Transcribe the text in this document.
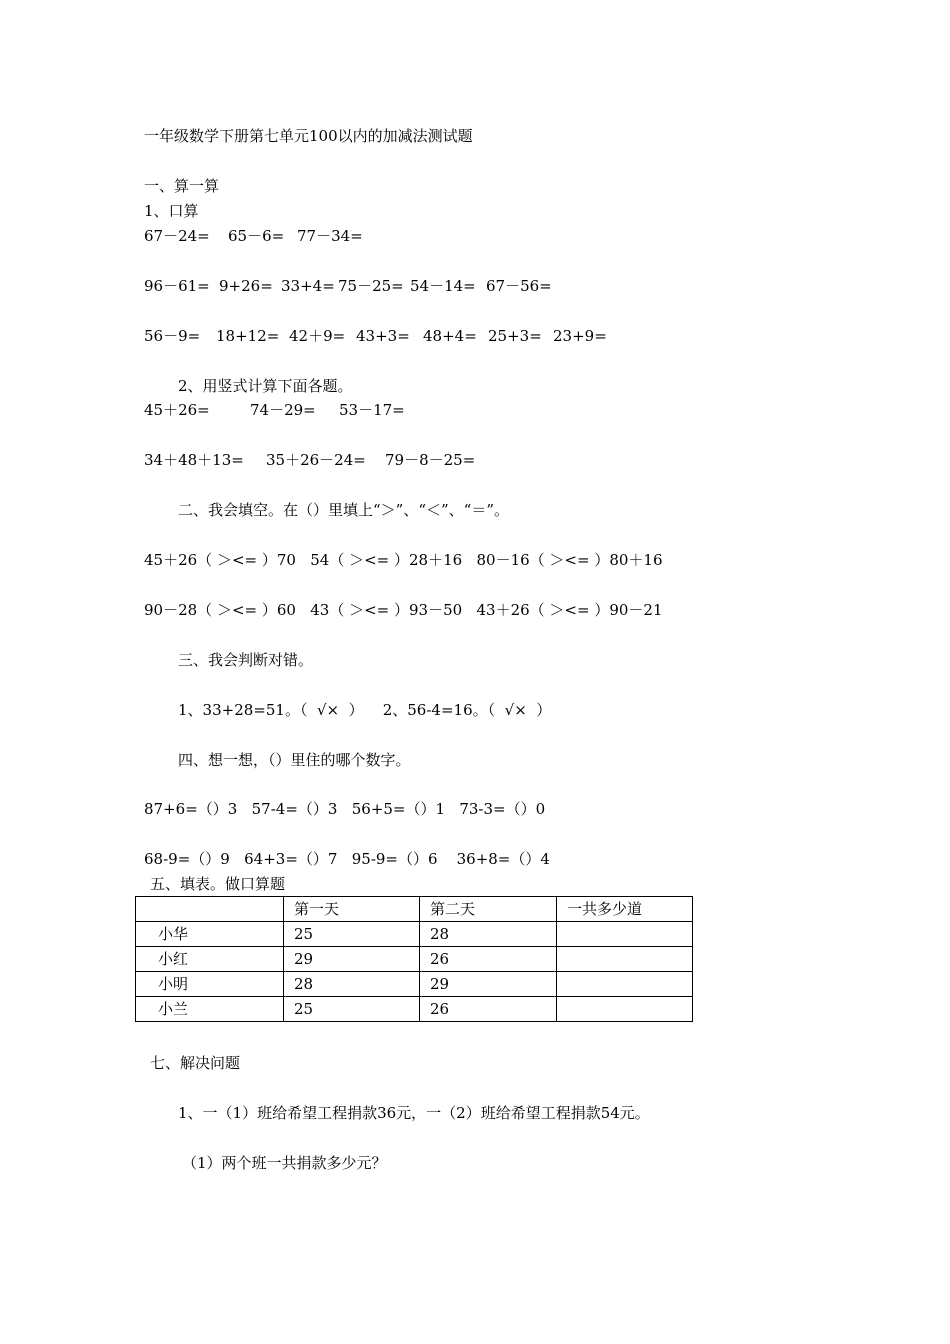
一年级数学下册第七单元100以内的加减法测试题
一、算一算
1、口算
67－24= 65－6= 77－34=
96－61= 9+26= 33+4= 75－25= 54－14= 67－56=
56－9= 18+12= 42＋9= 43+3= 48+4= 25+3= 23+9=
2、用竖式计算下面各题。
45＋26=	74－29= 53－17=
34＋48＋13= 35＋26－24= 79－8－25=
二、我会填空。在（）里填上“＞”、“＜”、“＝”。
45＋26（ ＞<= ）70   54（ ＞<= ）28＋16   80－16（ ＞<= ）80＋16
90－28（ ＞<= ）60   43（ ＞<= ）93－50   43＋26（ ＞<= ）90－21
三、我会判断对错。
1、33+28=51。（  √×  ）    2、56-4=16。（  √×  ）
四、想一想，（）里住的哪个数字。
87+6=（）3   57-4=（）3   56+5=（）1   73-3=（）0
68-9=（）9   64+3=（）7   95-9=（）6    36+8=（）4
五、填表。做口算题
	第一天	第二天	一共多少道
小华	25	28	
小红	29	26	
小明	28	29	
小兰	25	26	
七、解决问题
1、一（1）班给希望工程捐款36元，一（2）班给希望工程捐款54元。
（1）两个班一共捐款多少元？
